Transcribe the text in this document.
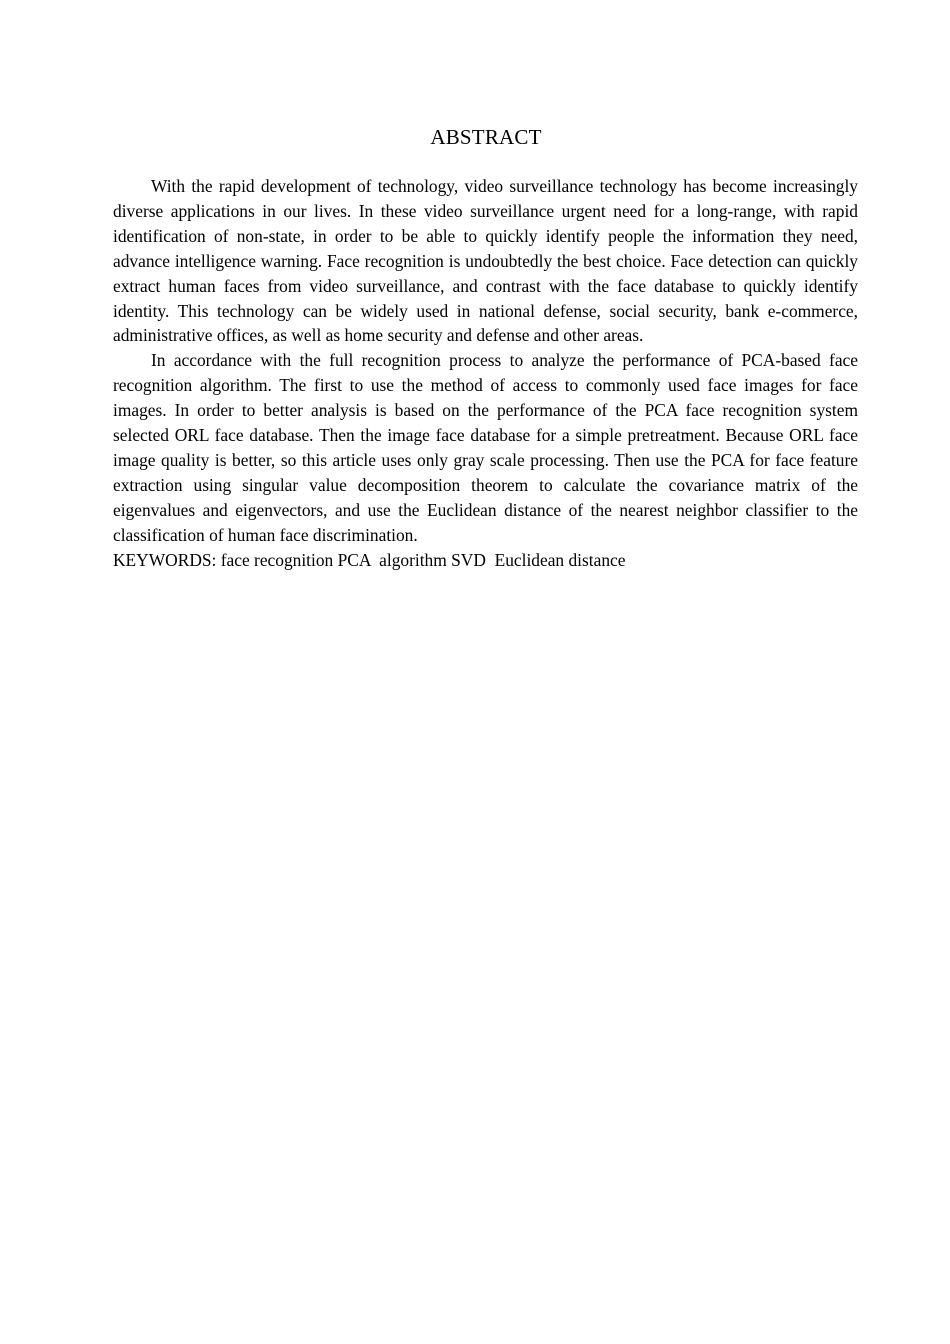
ABSTRACT

With the rapid development of technology, video surveillance technology has become increasingly diverse applications in our lives. In these video surveillance urgent need for a long-range, with rapid identification of non-state, in order to be able to quickly identify people the information they need, advance intelligence warning. Face recognition is undoubtedly the best choice. Face detection can quickly extract human faces from video surveillance, and contrast with the face database to quickly identify identity. This technology can be widely used in national defense, social security, bank e-commerce, administrative offices, as well as home security and defense and other areas.

In accordance with the full recognition process to analyze the performance of PCA-based face recognition algorithm. The first to use the method of access to commonly used face images for face images. In order to better analysis is based on the performance of the PCA face recognition system selected ORL face database. Then the image face database for a simple pretreatment. Because ORL face image quality is better, so this article uses only gray scale processing. Then use the PCA for face feature extraction using singular value decomposition theorem to calculate the covariance matrix of the eigenvalues and eigenvectors, and use the Euclidean distance of the nearest neighbor classifier to the classification of human face discrimination.

KEYWORDS: face recognition PCA  algorithm SVD  Euclidean distance
